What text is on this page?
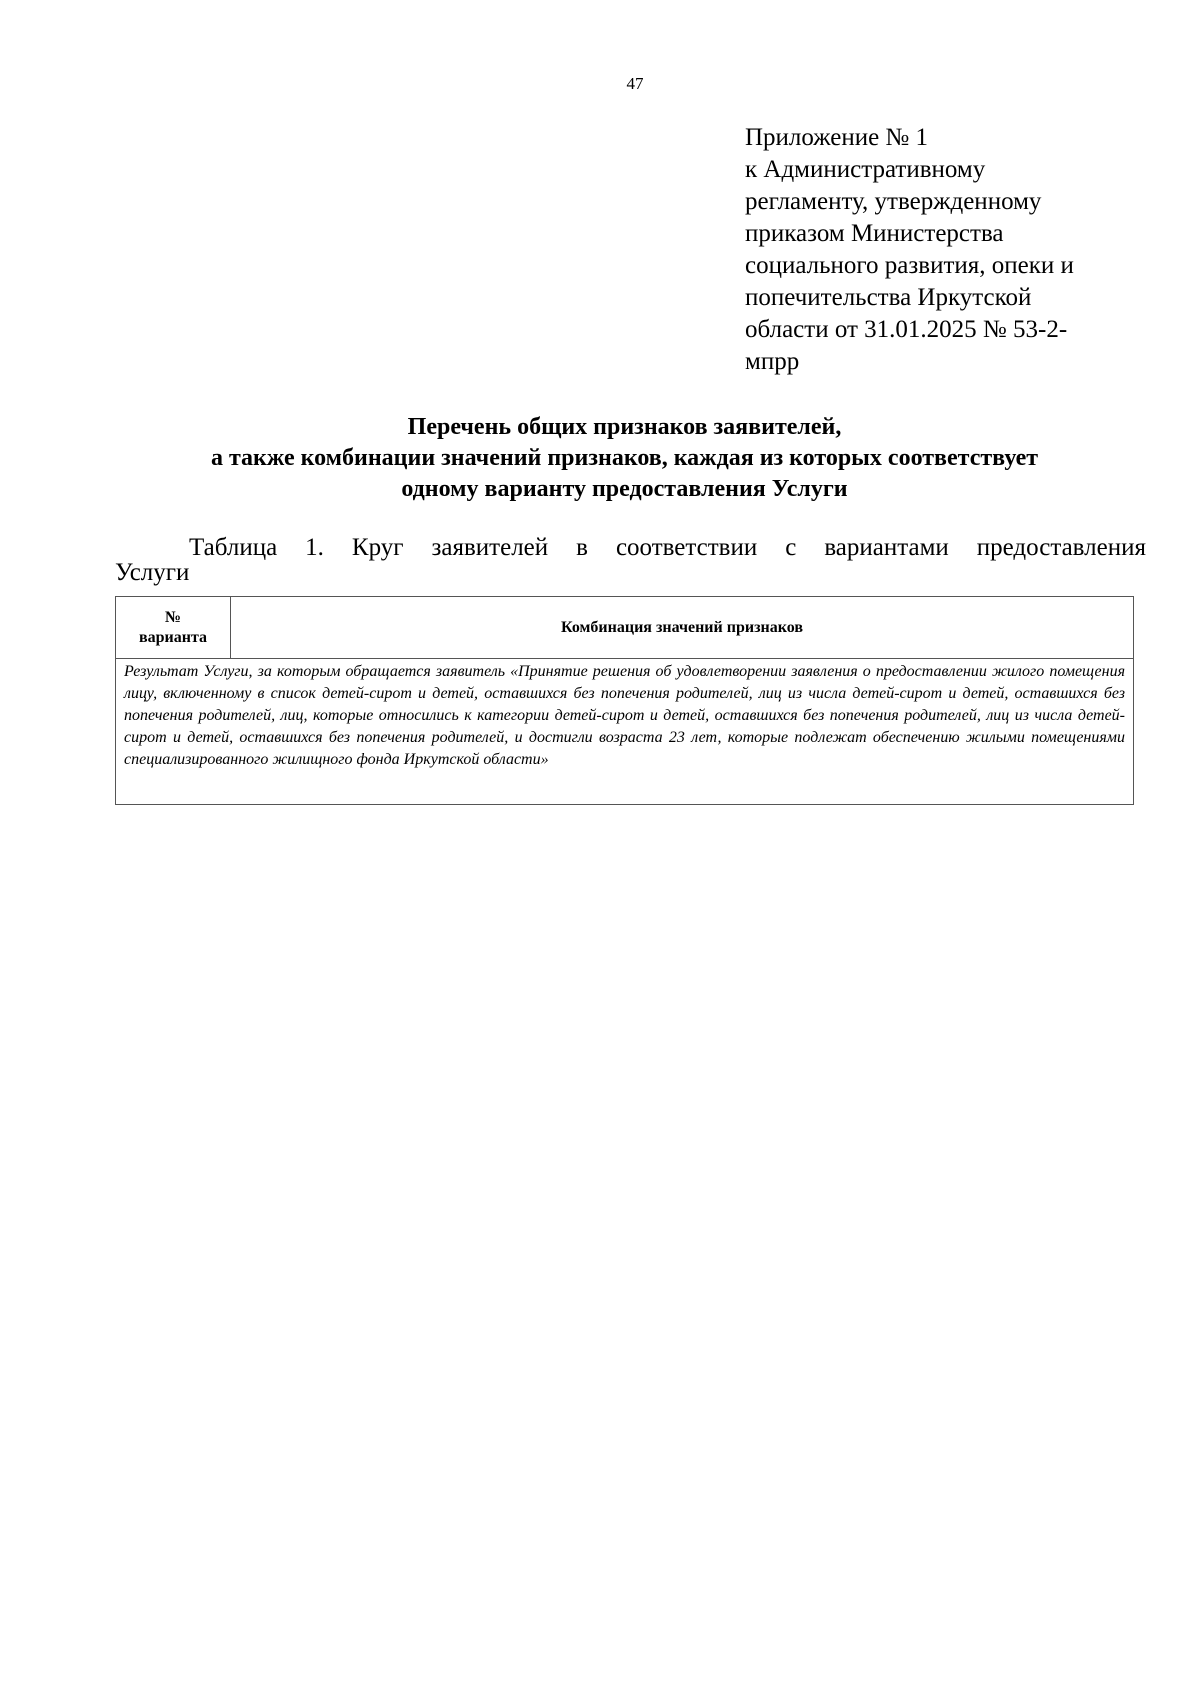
47
Приложение № 1
к Административному
регламенту, утвержденному
приказом Министерства
социального развития, опеки и
попечительства Иркутской
области от 31.01.2025 № 53-2-
мпрр
Перечень общих признаков заявителей,
а также комбинации значений признаков, каждая из которых соответствует
одному варианту предоставления Услуги
Таблица 1. Круг заявителей в соответствии с вариантами предоставления
Услуги
№
варианта
	Комбинация значений признаков
Результат Услуги, за которым обращается заявитель «Принятие решения об удовлетворении заявления о предоставлении жилого помещения лицу, включенному в список детей-сирот и детей, оставшихся без попечения родителей, лиц из числа детей-сирот и детей, оставшихся без попечения родителей, лиц, которые относились к категории детей-сирот и детей, оставшихся без попечения родителей, лиц из числа детей-сирот и детей, оставшихся без попечения родителей, и достигли возраста 23 лет, которые подлежат обеспечению жилыми помещениями специализированного жилищного фонда Иркутской области»
